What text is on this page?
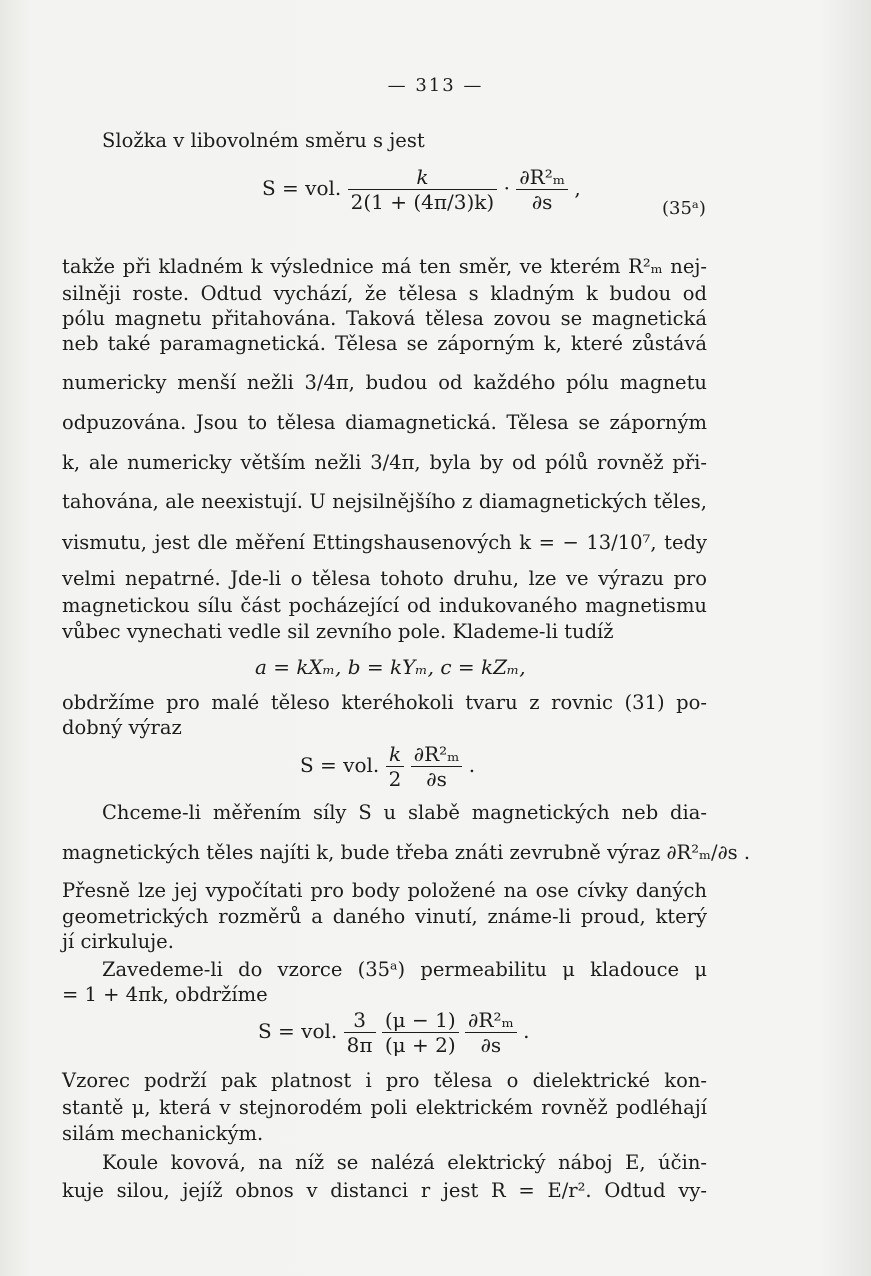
— 313 —
Složka v libovolném směru s jest
S = vol. $\frac{k}{2(1 + (4\pi/3)k)} \cdot \frac{\text{∂R²ₘ}}{\partial s}$ ,
(35ᵃ)
takže při kladném k výslednice má ten směr, ve kterém R²ₘ nej-
silněji roste. Odtud vychází, že tělesa s kladným k budou od
pólu magnetu přitahována. Taková tělesa zovou se magnetická
neb také paramagnetická. Tělesa se záporným k, které zůstává
numericky menší nežli 3/4π, budou od každého pólu magnetu
odpuzována. Jsou to tělesa diamagnetická. Tělesa se záporným
k, ale numericky větším nežli 3/4π, byla by od pólů rovněž při-
tahována, ale neexistují. U nejsilnějšího z diamagnetických těles,
vismutu, jest dle měření Ettingshausenových k = − 13/10⁷, tedy
velmi nepatrné. Jde-li o tělesa tohoto druhu, lze ve výrazu pro
magnetickou sílu část pocházející od indukovaného magnetismu
vůbec vynechati vedle sil zevního pole. Klademe-li tudíž
a = kXₘ, b = kYₘ, c = kZₘ,
obdržíme pro malé těleso kteréhokoli tvaru z rovnic (31) po-
dobný výraz
S = vol. $\frac{k}{2}$
$\frac{\text{∂R²ₘ}}{\partial s}$ .
Chceme-li měřením síly S u slabě magnetických neb dia-
magnetických těles najíti k, bude třeba znáti zevrubně výraz ∂R²ₘ/∂s .
Přesně lze jej vypočítati pro body položené na ose cívky daných
geometrických rozměrů a daného vinutí, známe-li proud, který
jí cirkuluje.
Zavedeme-li do vzorce (35ᵃ) permeabilitu μ kladouce μ
= 1 + 4πk, obdržíme
S = vol. $\frac{3}{8\pi}$
$\frac{(\mu - 1)}{(\mu + 2)}$
$\frac{\text{∂R²ₘ}}{\partial s}$ .
Vzorec podrží pak platnost i pro tělesa o dielektrické kon-
stantě μ, která v stejnorodém poli elektrickém rovněž podléhají
silám mechanickým.
Koule kovová, na níž se nalézá elektrický náboj E, účin-
kuje silou, jejíž obnos v distanci r jest R = E/r². Odtud vy-
